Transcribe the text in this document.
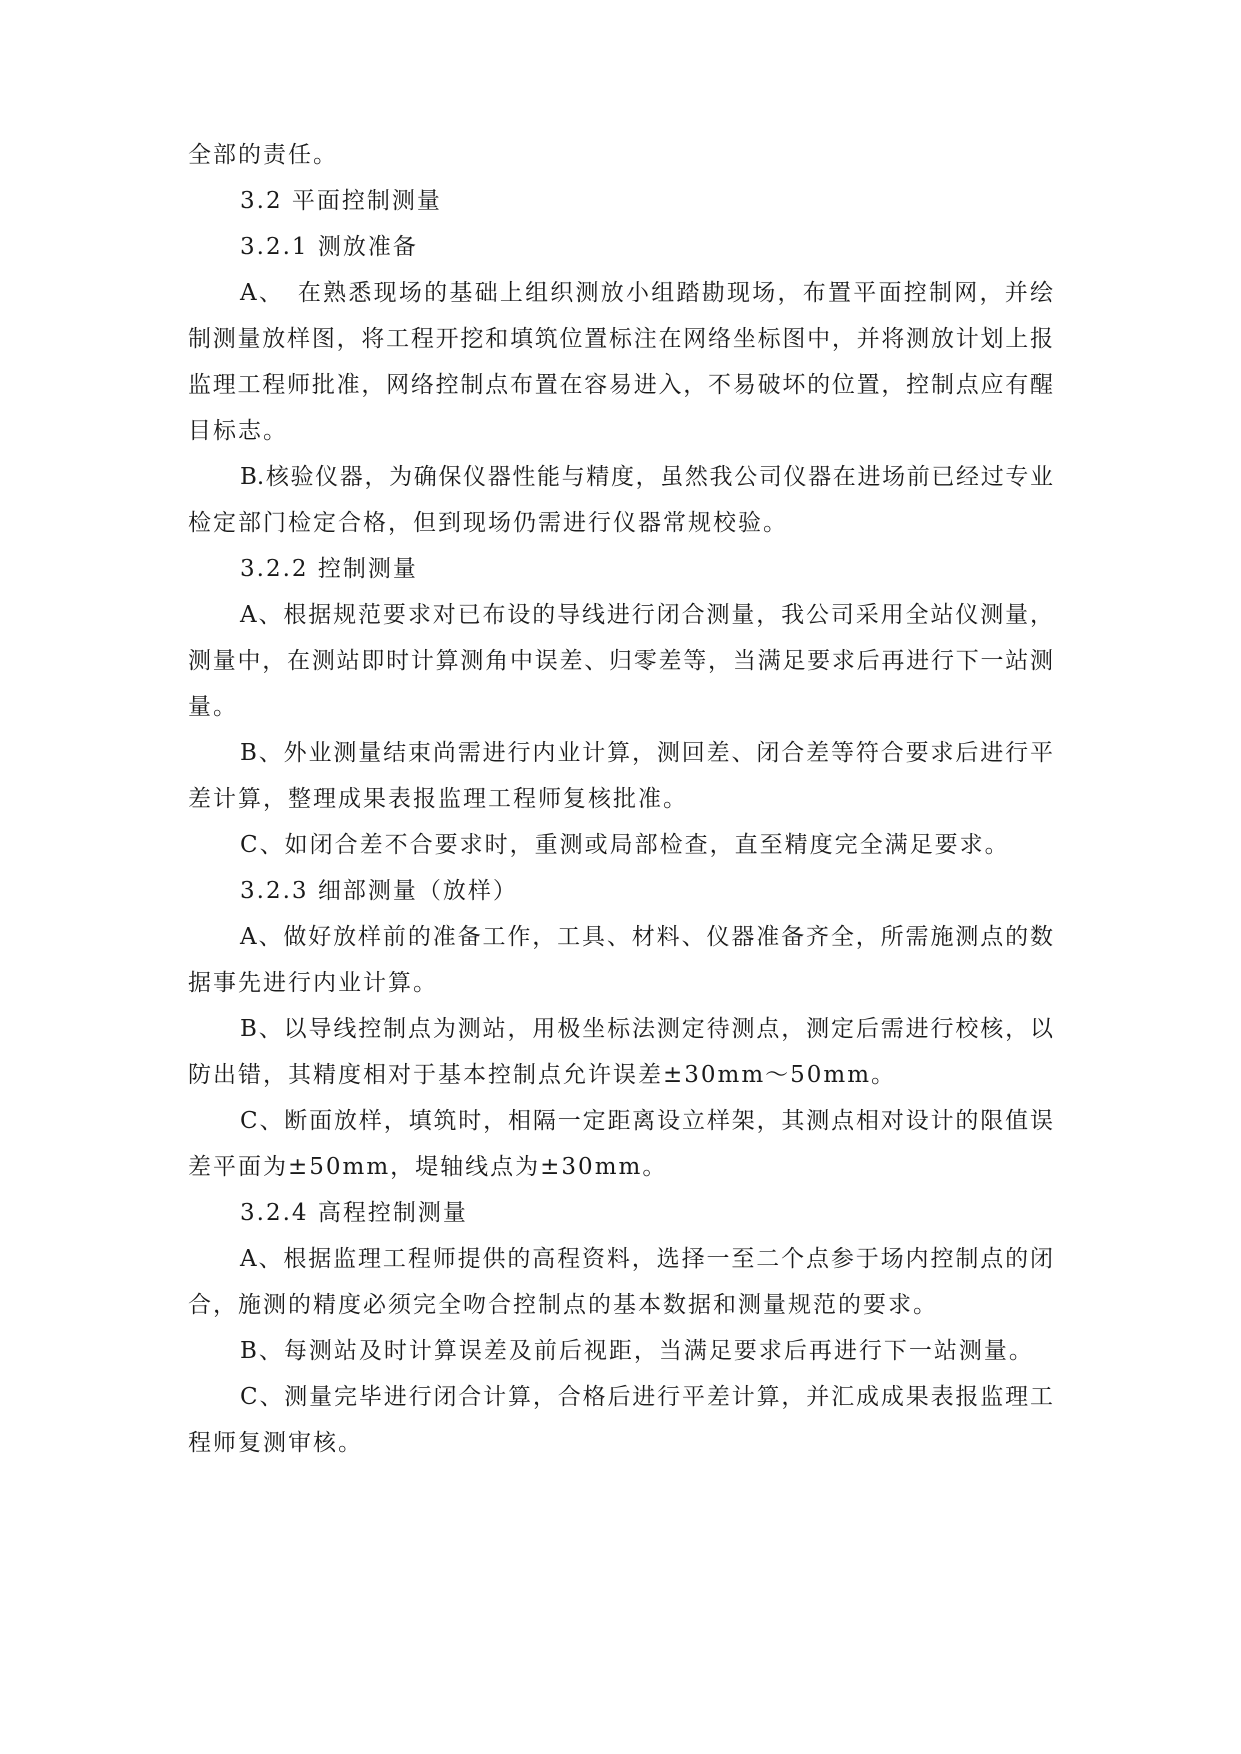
全部的责任。
3.2 平面控制测量
3.2.1 测放准备
A、　在熟悉现场的基础上组织测放小组踏勘现场，布置平面控制网，并绘
制测量放样图，将工程开挖和填筑位置标注在网络坐标图中，并将测放计划上报
监理工程师批准，网络控制点布置在容易进入，不易破坏的位置，控制点应有醒
目标志。
B.核验仪器，为确保仪器性能与精度，虽然我公司仪器在进场前已经过专业
检定部门检定合格，但到现场仍需进行仪器常规校验。
3.2.2 控制测量
A、根据规范要求对已布设的导线进行闭合测量，我公司采用全站仪测量，
测量中，在测站即时计算测角中误差、归零差等，当满足要求后再进行下一站测
量。
B、外业测量结束尚需进行内业计算，测回差、闭合差等符合要求后进行平
差计算，整理成果表报监理工程师复核批准。
C、如闭合差不合要求时，重测或局部检查，直至精度完全满足要求。
3.2.3 细部测量（放样）
A、做好放样前的准备工作，工具、材料、仪器准备齐全，所需施测点的数
据事先进行内业计算。
B、以导线控制点为测站，用极坐标法测定待测点，测定后需进行校核，以
防出错，其精度相对于基本控制点允许误差±30mm～50mm。
C、断面放样，填筑时，相隔一定距离设立样架，其测点相对设计的限值误
差平面为±50mm，堤轴线点为±30mm。
3.2.4 高程控制测量
A、根据监理工程师提供的高程资料，选择一至二个点参于场内控制点的闭
合，施测的精度必须完全吻合控制点的基本数据和测量规范的要求。
B、每测站及时计算误差及前后视距，当满足要求后再进行下一站测量。
C、测量完毕进行闭合计算，合格后进行平差计算，并汇成成果表报监理工
程师复测审核。
